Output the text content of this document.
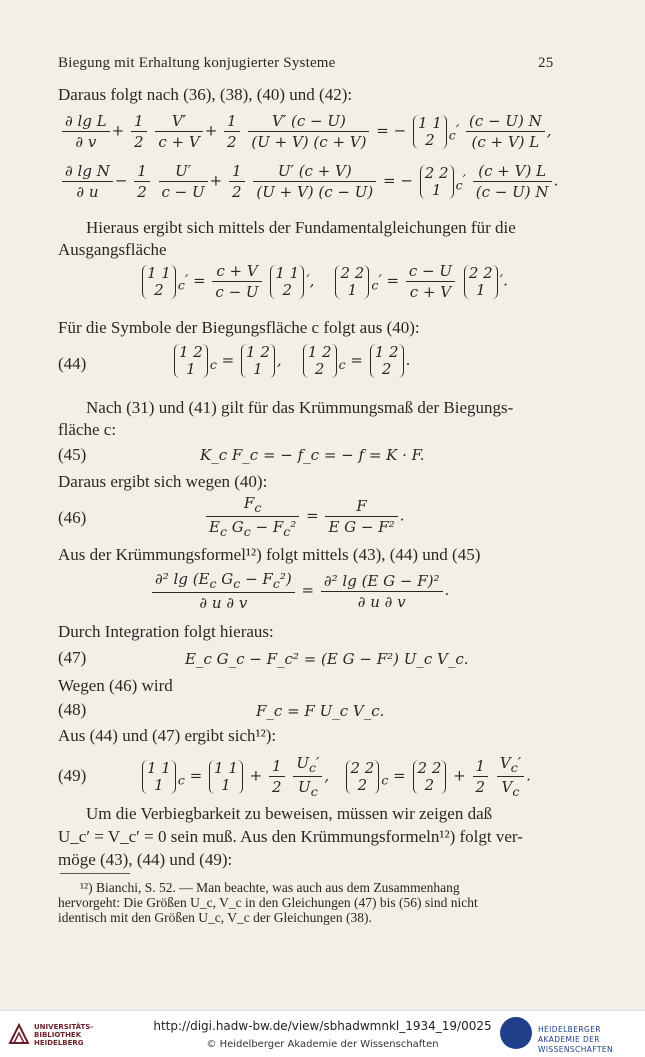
Biegung mit Erhaltung konjugierter Systeme	25
Daraus folgt nach (36), (38), (40) und (42):
$\frac{\text{∂ lg L}}{\partial v} + \frac{1}{2}$
$\frac{V'}{c + V} + \frac{1}{2}$
$\frac{V' (c - U)}{(U + V) (c + V)}$ = − 1 1
2 $_c' \frac{(c - U) N}{(c + V) L}$ ,
$\frac{\text{∂ lg N}}{\partial u} - \frac{1}{2}$
$\frac{U'}{c - U} + \frac{1}{2}$
$\frac{U' (c + V)}{(U + V) (c - U)}$ = − 2 2
1 $_c' \frac{(c + V) L}{(c - U) N}$ .
Hieraus ergibt sich mittels der Fundamentalgleichungen für die
Ausgangsfläche
1 1
2 $_c' = \frac{c + V}{c - U} 1$ 1
2 ′,    2 2
1 $_c' = \frac{c - U}{c + V} 2$ 2
1 ′.
Für die Symbole der Biegungsfläche c folgt aus (40):
(44)
1 2
1 $_c$ = 1 2
1 ,    1 2
2 $_c$ = 1 2
2 .
Nach (31) und (41) gilt für das Krümmungsmaß der Biegungs-
fläche c:
(45)	K_c F_c = − f_c = − f = K · F.
Daraus ergibt sich wegen (40):
(46)	$\frac{F_c}{E_c G_c - F_c^2} = \frac{F}{\text{E G − F²}}$ .
Aus der Krümmungsformel¹²) folgt mittels (43), (44) und (45)
$\frac{\partial^2 \lg (E_c G_c - F_c^2)}{\partial u \partial v} = \frac{\text{∂² lg (E G − F)²}}{\partial u \partial v}$ .
Durch Integration folgt hieraus:
(47)	E_c G_c − F_c² = (E G − F²) U_c V_c.
Wegen (46) wird
(48)	F_c = F U_c V_c.
Aus (44) und (47) ergibt sich¹²):
(49)	1 1
1 $_c$ = 1 1
$1 + \frac{1}{2}$
$\frac{U_c'}{U_c}$ ,   2 2
2 $_c$ = 2 2
$2 + \frac{1}{2}$
$\frac{V_c'}{V_c}$ .
Um die Verbiegbarkeit zu beweisen, müssen wir zeigen daß
U_c′ = V_c′ = 0 sein muß. Aus den Krümmungsformeln¹²) folgt ver-
möge (43), (44) und (49):
¹²) Bianchi, S. 52. — Man beachte, was auch aus dem Zusammenhang
hervorgeht: Die Größen U_c, V_c in den Gleichungen (47) bis (56) sind nicht
identisch mit den Größen U_c, V_c der Gleichungen (38).
UNIVERSITÄTS- BIBLIOTHEK HEIDELBERG
http://digi.hadw-bw.de/view/sbhadwmnkl_1934_19/0025
© Heidelberger Akademie der Wissenschaften
HEIDELBERGER AKADEMIE DER WISSENSCHAFTEN
